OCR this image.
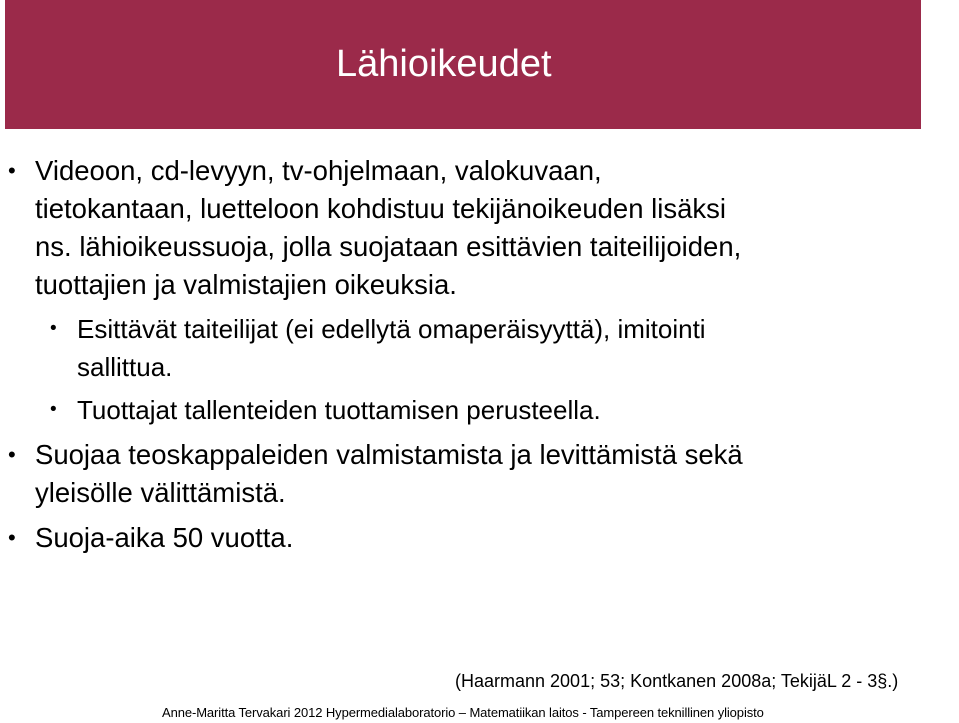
Lähioikeudet
• Videoon, cd-levyyn, tv-ohjelmaan, valokuvaan,
tietokantaan, luetteloon kohdistuu tekijänoikeuden lisäksi
ns. lähioikeussuoja, jolla suojataan esittävien taiteilijoiden,
tuottajien ja valmistajien oikeuksia.
• Esittävät taiteilijat (ei edellytä omaperäisyyttä), imitointi
sallittua.
• Tuottajat tallenteiden tuottamisen perusteella.
• Suojaa teoskappaleiden valmistamista ja levittämistä sekä
yleisölle välittämistä.
• Suoja-aika 50 vuotta.
(Haarmann 2001; 53; Kontkanen 2008a; TekijäL 2 - 3§.)
Anne-Maritta Tervakari 2012 Hypermedialaboratorio – Matematiikan laitos - Tampereen teknillinen yliopisto
